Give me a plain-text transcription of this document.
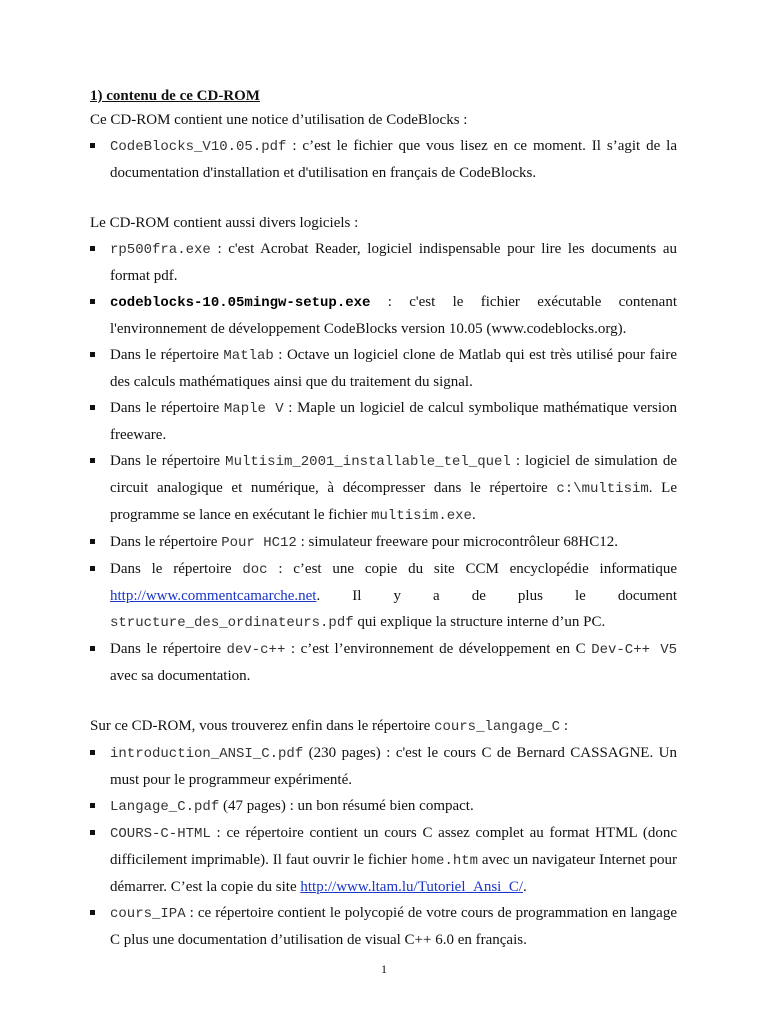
1) contenu de ce CD-ROM

Ce CD-ROM contient une notice d’utilisation de CodeBlocks :

CodeBlocks_V10.05.pdf : c’est le fichier que vous lisez en ce moment. Il s’agit de la documentation d'installation et d'utilisation en français de CodeBlocks.

Le CD-ROM contient aussi divers logiciels :

rp500fra.exe : c'est Acrobat Reader, logiciel indispensable pour lire les documents au format pdf.
codeblocks-10.05mingw-setup.exe : c'est le fichier exécutable contenant l'environnement de développement CodeBlocks version 10.05 (www.codeblocks.org).
Dans le répertoire Matlab : Octave un logiciel clone de Matlab qui est très utilisé pour faire des calculs mathématiques ainsi que du traitement du signal.
Dans le répertoire Maple V : Maple un logiciel de calcul symbolique mathématique version freeware.
Dans le répertoire Multisim_2001_installable_tel_quel : logiciel de simulation de circuit analogique et numérique, à décompresser dans le répertoire c:\multisim. Le programme se lance en exécutant le fichier multisim.exe.
Dans le répertoire Pour HC12 : simulateur freeware pour microcontrôleur 68HC12.
Dans le répertoire doc : c’est une copie du site CCM encyclopédie informatique http://www.commentcamarche.net. Il y a de plus le document structure_des_ordinateurs.pdf qui explique la structure interne d’un PC.
Dans le répertoire dev-c++ : c’est l’environnement de développement en C Dev-C++ V5 avec sa documentation.

Sur ce CD-ROM, vous trouverez enfin dans le répertoire cours_langage_C :

introduction_ANSI_C.pdf (230 pages) : c'est le cours C de Bernard CASSAGNE. Un must pour le programmeur expérimenté.
Langage_C.pdf (47 pages) : un bon résumé bien compact.
COURS-C-HTML : ce répertoire contient un cours C assez complet au format HTML (donc difficilement imprimable). Il faut ouvrir le fichier home.htm avec un navigateur Internet pour démarrer. C’est la copie du site http://www.ltam.lu/Tutoriel_Ansi_C/.
cours_IPA : ce répertoire contient le polycopié de votre cours de programmation en langage C plus une documentation d’utilisation de visual C++ 6.0 en français.
1
